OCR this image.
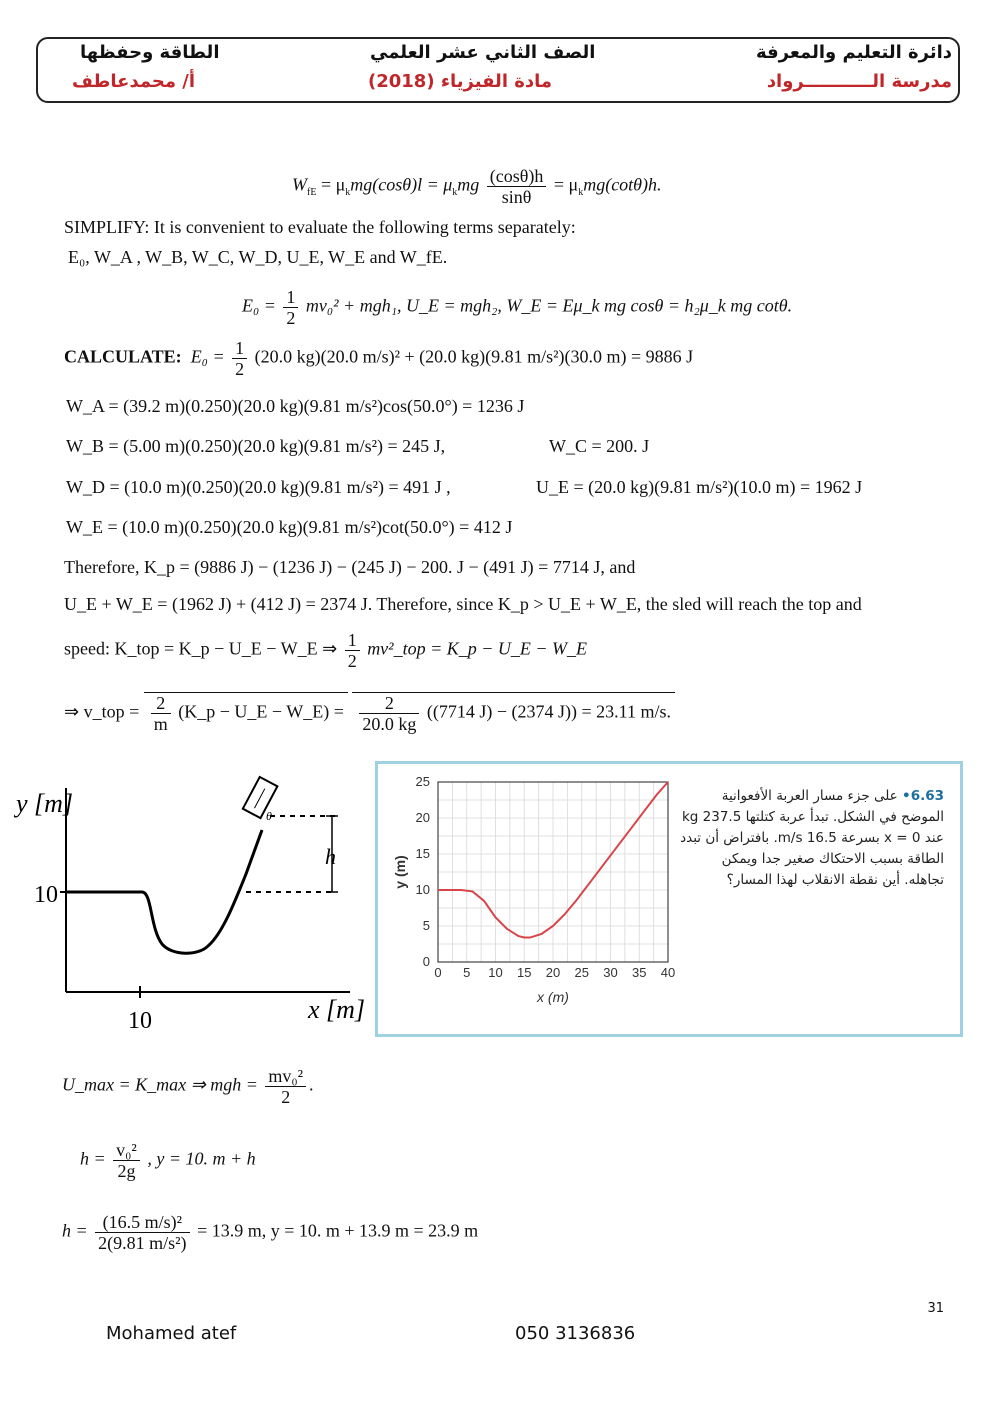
دائرة التعليم والمعرفة
مدرسة الـــــــــــرواد
الصف الثاني عشر العلمي
مادة الفيزياء (2018)
الطاقة وحفظها
أ/ محمدعاطف
$W_{fE} = \mu_kmg(\cos\theta)l = \mu_kmg \frac{(\cos\theta)h}{\sin\theta} = \mu_kmg(\cot\theta)h$.
SIMPLIFY: It is convenient to evaluate the following terms separately:
E₀, W_A , W_B, W_C, W_D, U_E, W_E and W_fE.
$E_0 = \frac{1}{2} mv_0^2 + mgh_1$, U_E = mgh₂, W_E = Eμ_k mg cosθ = h₂μ_k mg cotθ.
CALCULATE: $E_0 = \frac{1}{2} (20.0$ kg)(20.0 m/s)² + (20.0 kg)(9.81 m/s²)(30.0 m) = 9886 J
W_A = (39.2 m)(0.250)(20.0 kg)(9.81 m/s²)cos(50.0°) = 1236 J
W_B = (5.00 m)(0.250)(20.0 kg)(9.81 m/s²) = 245 J,	W_C = 200. J
W_D = (10.0 m)(0.250)(20.0 kg)(9.81 m/s²) = 491 J ,	U_E = (20.0 kg)(9.81 m/s²)(10.0 m) = 1962 J
W_E = (10.0 m)(0.250)(20.0 kg)(9.81 m/s²)cot(50.0°) = 412 J
Therefore, K_p = (9886 J) − (1236 J) − (245 J) − 200. J − (491 J) = 7714 J, and
U_E + W_E = (1962 J) + (412 J) = 2374 J. Therefore, since K_p > U_E + W_E, the sled will reach the top and
speed: K_top = K_p − U_E − W_E ⇒ $\frac{1}{2}$ mv²_top = K_p − U_E − W_E
⇒ v_top = $\frac{2}{m}$ (K_p − U_E − W_E) = $\frac{2}{20.0 kg} ((7714$ J) − (2374 J)) = 23.11 m/s.
θ
y [m]
10
10	x [m]
h
0 5 10 15 20 25 30 35 40
0
5
10
15
20
25
x (m)
y (m)
6.63• على جزء مسار العربة الأفعوانية الموضح في الشكل. تبدأ عربة كتلتها 237.5 kg عند x = 0 بسرعة 16.5 m/s. بافتراض أن تبدد الطاقة بسبب الاحتكاك صغير جدا ويمكن تجاهله. أين نقطة الانقلاب لهذا المسار؟
U_max = K_max ⇒ mgh = $\frac{\text{mv₀²}}{2}$ .
$h = \frac{\text{v₀²}}{2g}$ , y = 10. m + h
$h = \frac{\text{(16.5 m/s)²}}{\text{2(9.81 m/s²)}} = 13.9$ m, y = 10. m + 13.9 m = 23.9 m
31
Mohamed atef	050 3136836
